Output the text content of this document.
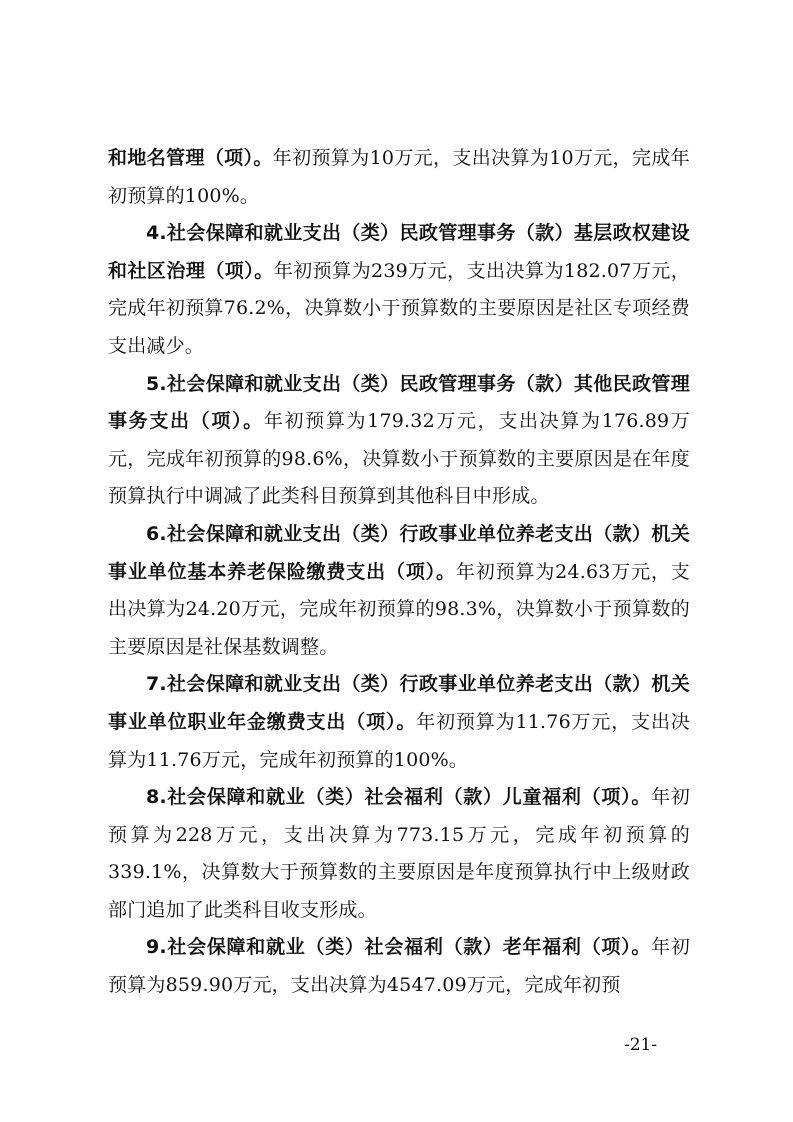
和地名管理（项）。年初预算为10万元，支出决算为10万元，完成年初预算的100%。

4.社会保障和就业支出（类）民政管理事务（款）基层政权建设和社区治理（项）。年初预算为239万元，支出决算为182.07万元，完成年初预算76.2%，决算数小于预算数的主要原因是社区专项经费支出减少。

5.社会保障和就业支出（类）民政管理事务（款）其他民政管理事务支出（项）。年初预算为179.32万元，支出决算为176.89万元，完成年初预算的98.6%，决算数小于预算数的主要原因是在年度预算执行中调减了此类科目预算到其他科目中形成。

6.社会保障和就业支出（类）行政事业单位养老支出（款）机关事业单位基本养老保险缴费支出（项）。年初预算为24.63万元，支出决算为24.20万元，完成年初预算的98.3%，决算数小于预算数的主要原因是社保基数调整。

7.社会保障和就业支出（类）行政事业单位养老支出（款）机关事业单位职业年金缴费支出（项）。年初预算为11.76万元，支出决算为11.76万元，完成年初预算的100%。

8.社会保障和就业（类）社会福利（款）儿童福利（项）。年初预算为228万元，支出决算为773.15万元，完成年初预算的339.1%，决算数大于预算数的主要原因是年度预算执行中上级财政部门追加了此类科目收支形成。

9.社会保障和就业（类）社会福利（款）老年福利（项）。年初预算为859.90万元，支出决算为4547.09万元，完成年初预

-21-
